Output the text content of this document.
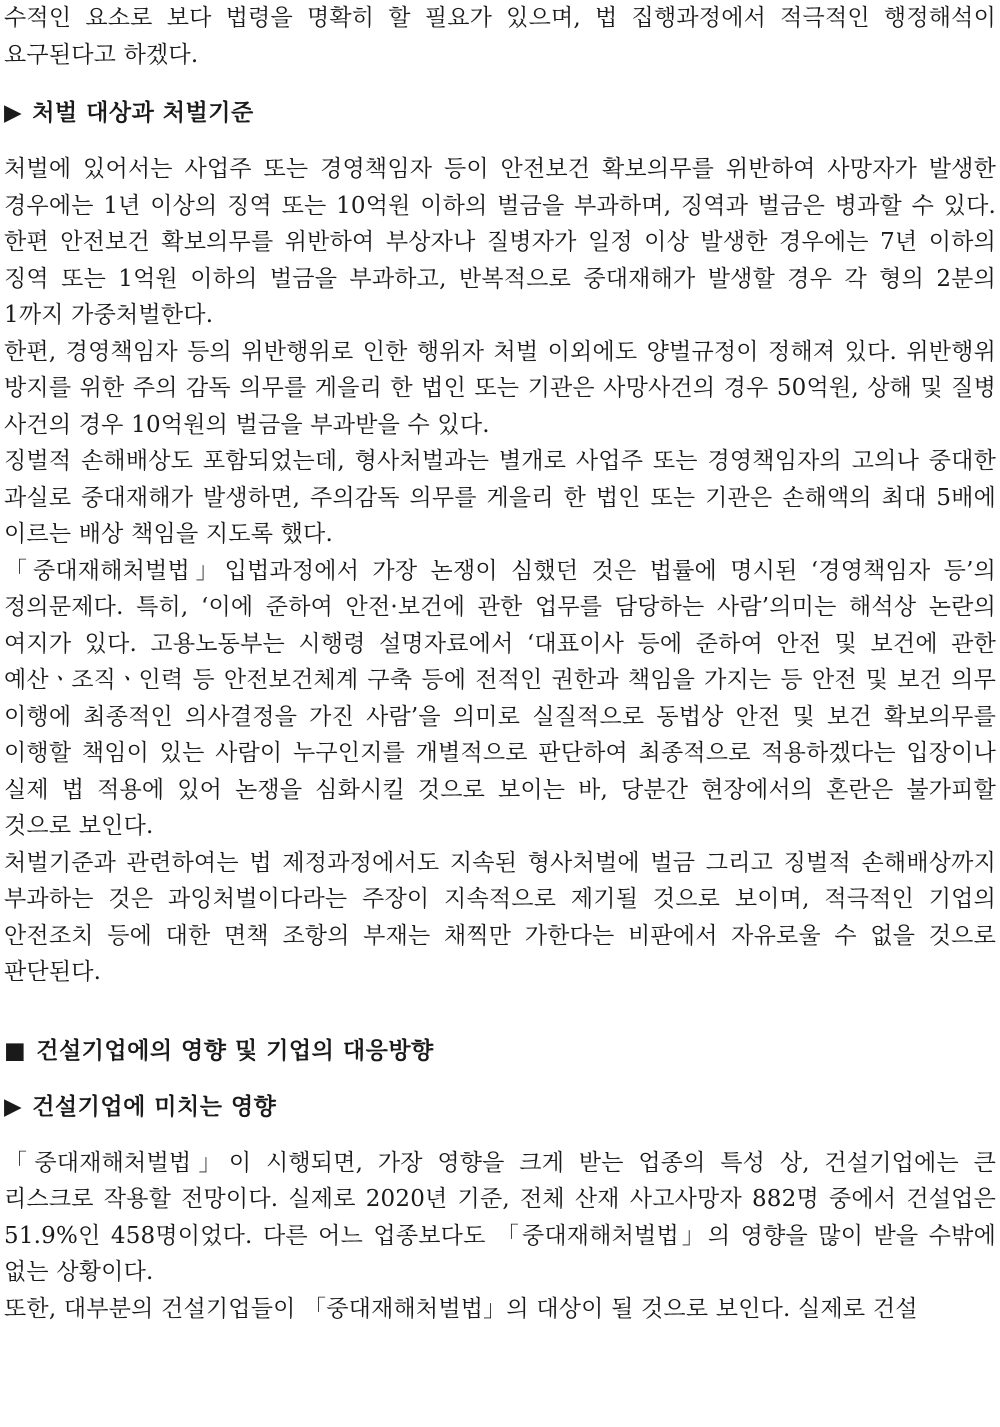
수적인 요소로 보다 법령을 명확히 할 필요가 있으며, 법 집행과정에서 적극적인 행정해석이 요구된다고 하겠다.

▶ 처벌 대상과 처벌기준

처벌에 있어서는 사업주 또는 경영책임자 등이 안전보건 확보의무를 위반하여 사망자가 발생한 경우에는 1년 이상의 징역 또는 10억원 이하의 벌금을 부과하며, 징역과 벌금은 병과할 수 있다. 한편 안전보건 확보의무를 위반하여 부상자나 질병자가 일정 이상 발생한 경우에는 7년 이하의 징역 또는 1억원 이하의 벌금을 부과하고, 반복적으로 중대재해가 발생할 경우 각 형의 2분의 1까지 가중처벌한다.

한편, 경영책임자 등의 위반행위로 인한 행위자 처벌 이외에도 양벌규정이 정해져 있다. 위반행위 방지를 위한 주의 감독 의무를 게을리 한 법인 또는 기관은 사망사건의 경우 50억원, 상해 및 질병 사건의 경우 10억원의 벌금을 부과받을 수 있다.

징벌적 손해배상도 포함되었는데, 형사처벌과는 별개로 사업주 또는 경영책임자의 고의나 중대한 과실로 중대재해가 발생하면, 주의감독 의무를 게을리 한 법인 또는 기관은 손해액의 최대 5배에 이르는 배상 책임을 지도록 했다.

「중대재해처벌법」입법과정에서 가장 논쟁이 심했던 것은 법률에 명시된 ‘경영책임자 등’의 정의문제다. 특히, ‘이에 준하여 안전·보건에 관한 업무를 담당하는 사람’의미는 해석상 논란의 여지가 있다. 고용노동부는 시행령 설명자료에서 ‘대표이사 등에 준하여 안전 및 보건에 관한 예산ㆍ조직ㆍ인력 등 안전보건체계 구축 등에 전적인 권한과 책임을 가지는 등 안전 및 보건 의무 이행에 최종적인 의사결정을 가진 사람’을 의미로 실질적으로 동법상 안전 및 보건 확보의무를 이행할 책임이 있는 사람이 누구인지를 개별적으로 판단하여 최종적으로 적용하겠다는 입장이나 실제 법 적용에 있어 논쟁을 심화시킬 것으로 보이는 바, 당분간 현장에서의 혼란은 불가피할 것으로 보인다.

처벌기준과 관련하여는 법 제정과정에서도 지속된 형사처벌에 벌금 그리고 징벌적 손해배상까지 부과하는 것은 과잉처벌이다라는 주장이 지속적으로 제기될 것으로 보이며, 적극적인 기업의 안전조치 등에 대한 면책 조항의 부재는 채찍만 가한다는 비판에서 자유로울 수 없을 것으로 판단된다.

■ 건설기업에의 영향 및 기업의 대응방향
▶ 건설기업에 미치는 영향

「중대재해처벌법」이 시행되면, 가장 영향을 크게 받는 업종의 특성 상, 건설기업에는 큰 리스크로 작용할 전망이다. 실제로 2020년 기준, 전체 산재 사고사망자 882명 중에서 건설업은 51.9%인 458명이었다. 다른 어느 업종보다도 「중대재해처벌법」의 영향을 많이 받을 수밖에 없는 상황이다.

또한, 대부분의 건설기업들이 「중대재해처벌법」의 대상이 될 것으로 보인다. 실제로 건설
